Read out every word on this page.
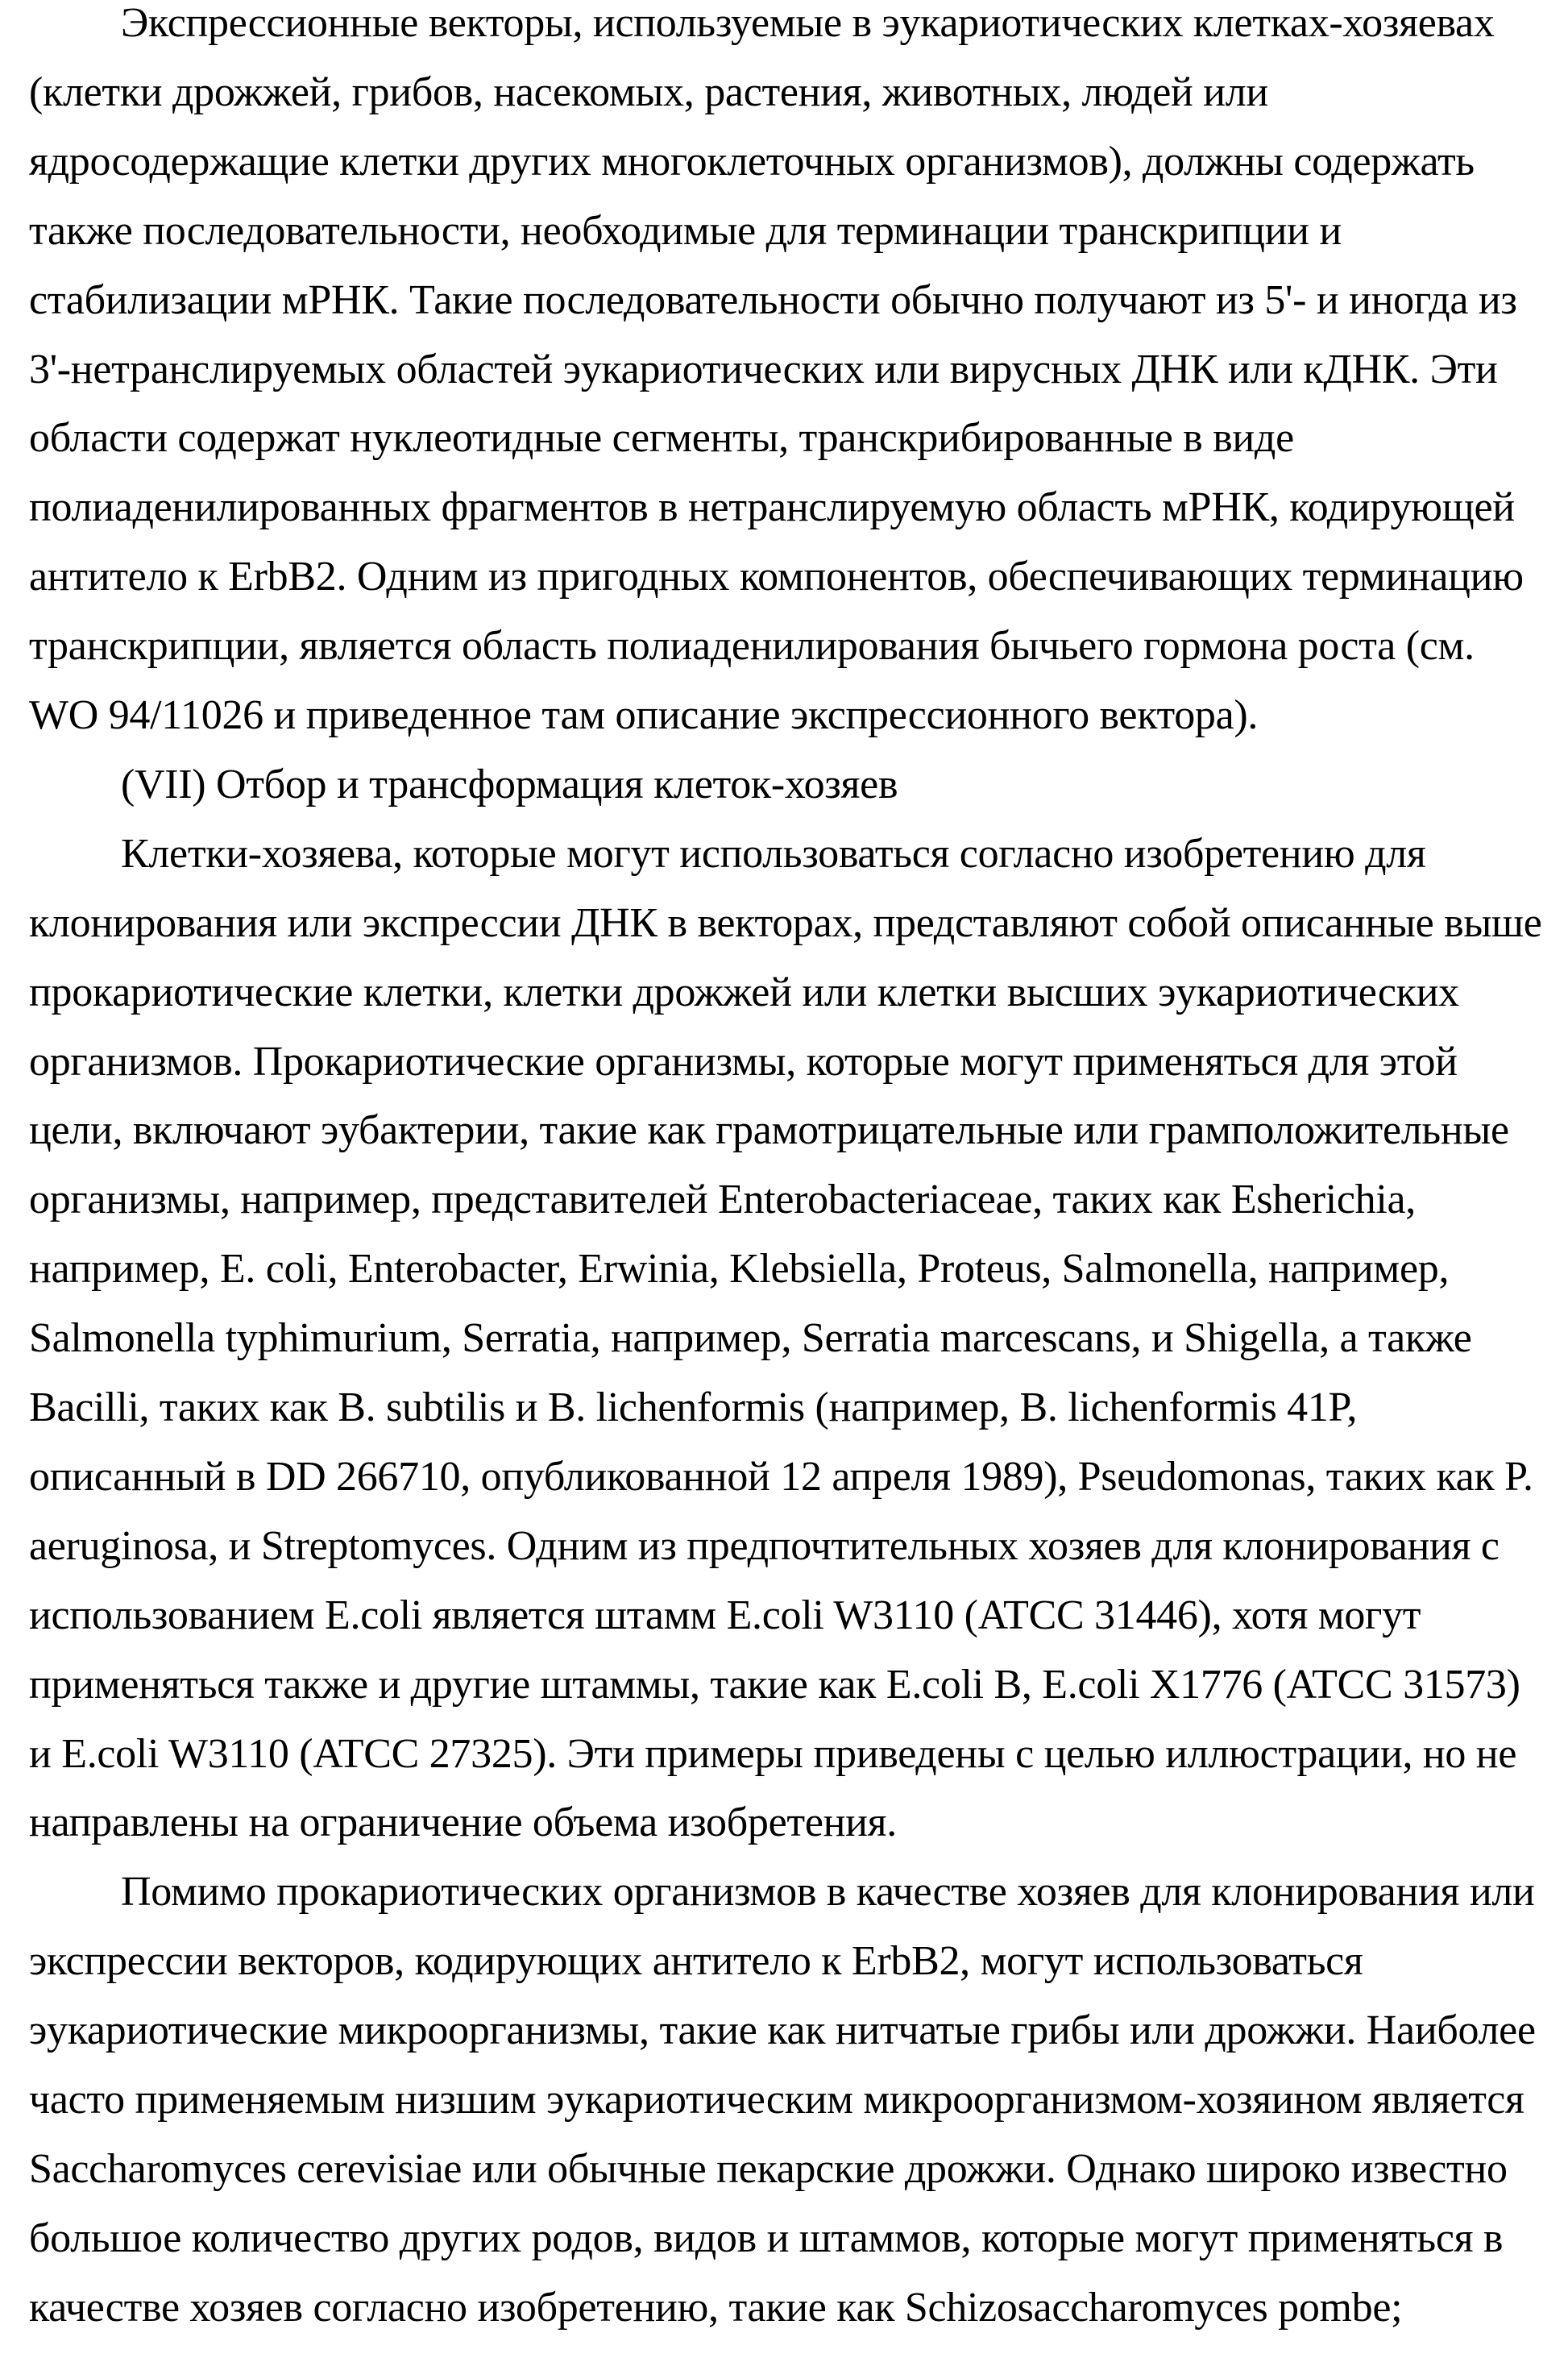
Экспрессионные векторы, используемые в эукариотических клетках-хозяевах
(клетки дрожжей, грибов, насекомых, растения, животных, людей или
ядросодержащие клетки других многоклеточных организмов), должны содержать
также последовательности, необходимые для терминации транскрипции и
стабилизации мРНК. Такие последовательности обычно получают из 5'- и иногда из
3'-нетранслируемых областей эукариотических или вирусных ДНК или кДНК. Эти
области содержат нуклеотидные сегменты, транскрибированные в виде
полиаденилированных фрагментов в нетранслируемую область мРНК, кодирующей
антитело к ErbB2. Одним из пригодных компонентов, обеспечивающих терминацию
транскрипции, является область полиаденилирования бычьего гормона роста (см.
WO 94/11026 и приведенное там описание экспрессионного вектора).
(VII) Отбор и трансформация клеток-хозяев
Клетки-хозяева, которые могут использоваться согласно изобретению для
клонирования или экспрессии ДНК в векторах, представляют собой описанные выше
прокариотические клетки, клетки дрожжей или клетки высших эукариотических
организмов. Прокариотические организмы, которые могут применяться для этой
цели, включают эубактерии, такие как грамотрицательные или грамположительные
организмы, например, представителей Enterobacteriaceae, таких как Esherichia,
например, E. coli, Enterobacter, Erwinia, Klebsiella, Proteus, Salmonella, например,
Salmonella typhimurium, Serratia, например, Serratia marcescans, и Shigella, а также
Bacilli, таких как B. subtilis и B. lichenformis (например, B. lichenformis 41P,
описанный в DD 266710, опубликованной 12 апреля 1989), Pseudomonas, таких как P.
aeruginosa, и Streptomyces. Одним из предпочтительных хозяев для клонирования с
использованием E.coli является штамм E.coli W3110 (ATCC 31446), хотя могут
применяться также и другие штаммы, такие как E.coli B, E.coli X1776 (ATCC 31573)
и E.coli W3110 (ATCC 27325). Эти примеры приведены с целью иллюстрации, но не
направлены на ограничение объема изобретения.
Помимо прокариотических организмов в качестве хозяев для клонирования или
экспрессии векторов, кодирующих антитело к ErbB2, могут использоваться
эукариотические микроорганизмы, такие как нитчатые грибы или дрожжи. Наиболее
часто применяемым низшим эукариотическим микроорганизмом-хозяином является
Saccharomyces cerevisiae или обычные пекарские дрожжи. Однако широко известно
большое количество других родов, видов и штаммов, которые могут применяться в
качестве хозяев согласно изобретению, такие как Schizosaccharomyces pombe;
